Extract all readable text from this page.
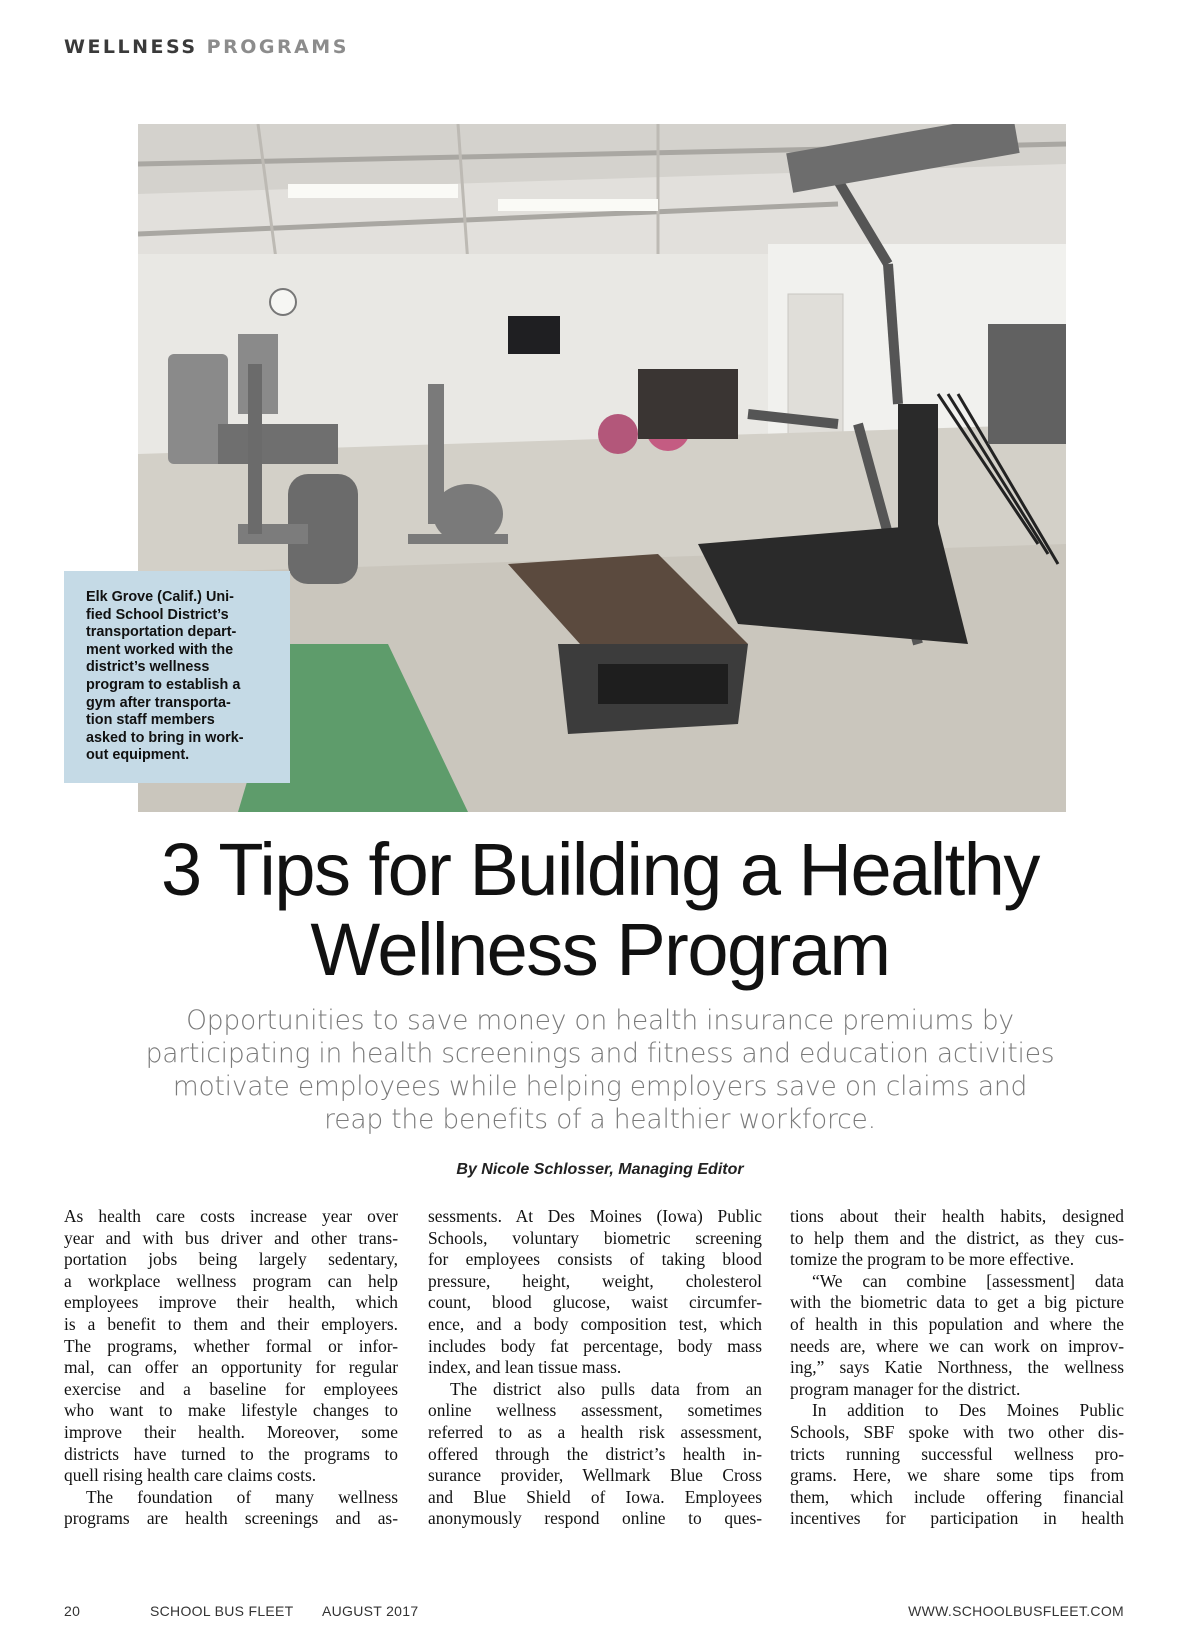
WELLNESS PROGRAMS
Elk Grove (Calif.) Uni-
fied School District’s
transportation depart-
ment worked with the
district’s wellness
program to establish a
gym after transporta-
tion staff members
asked to bring in work-
out equipment.
3 Tips for Building a Healthy
Wellness Program
Opportunities to save money on health insurance premiums by
participating in health screenings and fitness and education activities
motivate employees while helping employers save on claims and
reap the benefits of a healthier workforce.
By Nicole Schlosser, Managing Editor
As health care costs increase year over
year and with bus driver and other trans-
portation jobs being largely sedentary,
a workplace wellness program can help
employees improve their health, which
is a benefit to them and their employers.
The programs, whether formal or infor-
mal, can offer an opportunity for regular
exercise and a baseline for employees
who want to make lifestyle changes to
improve their health. Moreover, some
districts have turned to the programs to
quell rising health care claims costs.
The foundation of many wellness
programs are health screenings and as-
sessments. At Des Moines (Iowa) Public
Schools, voluntary biometric screening
for employees consists of taking blood
pressure, height, weight, cholesterol
count, blood glucose, waist circumfer-
ence, and a body composition test, which
includes body fat percentage, body mass
index, and lean tissue mass.
The district also pulls data from an
online wellness assessment, sometimes
referred to as a health risk assessment,
offered through the district’s health in-
surance provider, Wellmark Blue Cross
and Blue Shield of Iowa. Employees
anonymously respond online to ques-
tions about their health habits, designed
to help them and the district, as they cus-
tomize the program to be more effective.
“We can combine [assessment] data
with the biometric data to get a big picture
of health in this population and where the
needs are, where we can work on improv-
ing,” says Katie Northness, the wellness
program manager for the district.
In addition to Des Moines Public
Schools, SBF spoke with two other dis-
tricts running successful wellness pro-
grams. Here, we share some tips from
them, which include offering financial
incentives for participation in health
20	SCHOOL BUS FLEET AUGUST 2017	WWW.SCHOOLBUSFLEET.COM
